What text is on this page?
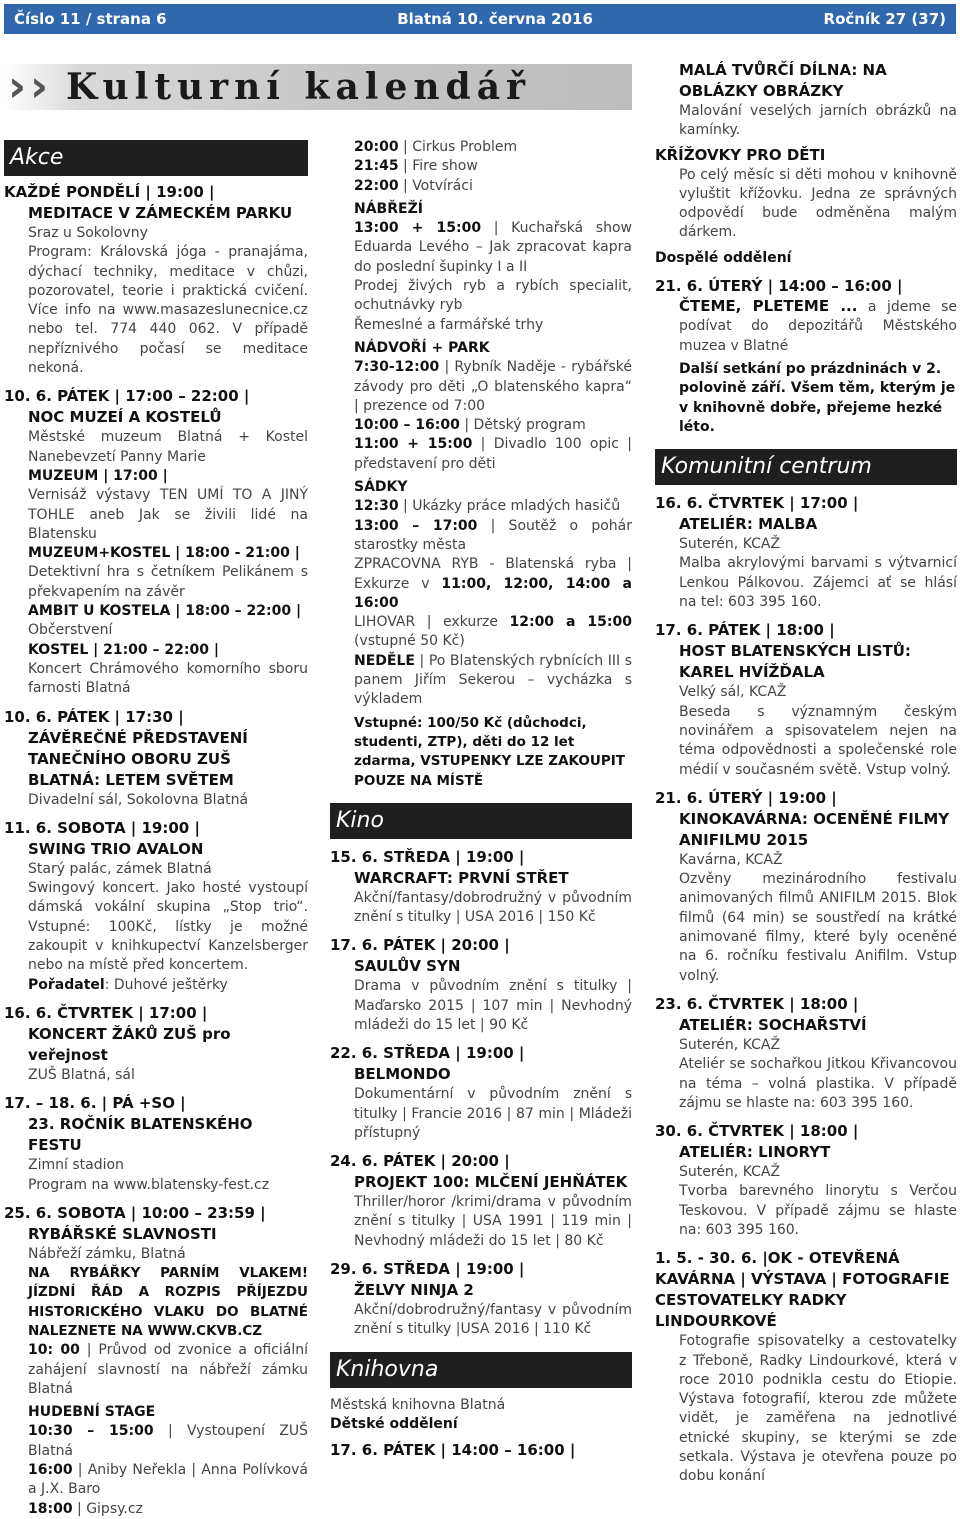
Číslo 11 / strana 6	Blatná 10. června 2016	Ročník 27 (37)
› › Kulturní kalendář
Akce
KAŽDÉ PONDĚLÍ | 19:00 |
MEDITACE V ZÁMECKÉM PARKU

Sraz u Sokolovny

Program: Královská jóga - pranajáma, dýchací techniky, meditace v chůzi, pozorovatel, teorie i praktická cvičení. Více info na www.masazeslunecnice.cz nebo tel. 774 440 062. V případě nepříznivého počasí se meditace nekoná.

10. 6. PÁTEK | 17:00 – 22:00 |
NOC MUZEÍ A KOSTELŮ

Městské muzeum Blatná + Kostel Nanebevzetí Panny Marie

MUZEUM | 17:00 |

Vernisáž výstavy TEN UMÍ TO A JINÝ TOHLE aneb Jak se živili lidé na Blatensku

MUZEUM+KOSTEL | 18:00 - 21:00 |

Detektivní hra s četníkem Pelikánem s překvapením na závěr

AMBIT U KOSTELA | 18:00 – 22:00 |

Občerstvení

KOSTEL | 21:00 – 22:00 |

Koncert Chrámového komorního sboru farnosti Blatná

10. 6. PÁTEK | 17:30 |
ZÁVĚREČNÉ PŘEDSTAVENÍ TANEČNÍHO OBORU ZUŠ BLATNÁ: LETEM SVĚTEM

Divadelní sál, Sokolovna Blatná

11. 6. SOBOTA | 19:00 |
SWING TRIO AVALON

Starý palác, zámek Blatná

Swingový koncert. Jako hosté vystoupí dámská vokální skupina „Stop trio“. Vstupné: 100Kč, lístky je možné zakoupit v knihkupectví Kanzelsberger nebo na místě před koncertem.

Pořadatel: Duhové ještěrky

16. 6. ČTVRTEK | 17:00 |
KONCERT ŽÁKŮ ZUŠ pro veřejnost

ZUŠ Blatná, sál

17. – 18. 6. | PÁ +SO |
23. ROČNÍK BLATENSKÉHO FESTU

Zimní stadion

Program na www.blatensky-fest.cz

25. 6. SOBOTA | 10:00 – 23:59 |
RYBÁŘSKÉ SLAVNOSTI

Nábřeží zámku, Blatná

NA RYBÁŘKY PARNÍM VLAKEM! JÍZDNÍ ŘÁD A ROZPIS PŘÍJEZDU HISTORICKÉHO VLAKU DO BLATNÉ NALEZNETE NA WWW.CKVB.CZ

10: 00 | Průvod od zvonice a oficiální zahájení slavností na nábřeží zámku Blatná

HUDEBNÍ STAGE

10:30 – 15:00 | Vystoupení ZUŠ Blatná

16:00 | Aniby Neřekla | Anna Polívková a J.X. Baro

18:00 | Gipsy.cz

20:00 | Cirkus Problem

21:45 | Fire show

22:00 | Votvíráci

NÁBŘEŽÍ

13:00 + 15:00 | Kuchařská show Eduarda Levého – Jak zpracovat kapra do poslední šupinky I a II

Prodej živých ryb a rybích specialit, ochutnávky ryb

Řemeslné a farmářské trhy

NÁDVOŘÍ + PARK

7:30-12:00 | Rybník Naděje - rybářské závody pro děti „O blatenského kapra“ | prezence od 7:00

10:00 – 16:00 | Dětský program

11:00 + 15:00 | Divadlo 100 opic | představení pro děti

SÁDKY

12:30 | Ukázky práce mladých hasičů

13:00 – 17:00 | Soutěž o pohár starostky města

ZPRACOVNA RYB - Blatenská ryba | Exkurze v 11:00, 12:00, 14:00 a 16:00

LIHOVAR | exkurze 12:00 a 15:00 (vstupné 50 Kč)

NEDĚLE | Po Blatenských rybnících III s panem Jiřím Sekerou – vycházka s výkladem

Vstupné: 100/50 Kč (důchodci, studenti, ZTP), děti do 12 let zdarma, VSTUPENKY LZE ZAKOUPIT POUZE NA MÍSTĚ

Kino
15. 6. STŘEDA | 19:00 |
WARCRAFT: PRVNÍ STŘET

Akční/fantasy/dobrodružný v původním znění s titulky | USA 2016 | 150 Kč

17. 6. PÁTEK | 20:00 |
SAULŮV SYN

Drama v původním znění s titulky | Maďarsko 2015 | 107 min | Nevhodný mládeži do 15 let | 90 Kč

22. 6. STŘEDA | 19:00 |
BELMONDO

Dokumentární v původním znění s titulky | Francie 2016 | 87 min | Mládeži přístupný

24. 6. PÁTEK | 20:00 |
PROJEKT 100: MLČENÍ JEHŇÁTEK

Thriller/horor /krimi/drama v původním znění s titulky | USA 1991 | 119 min | Nevhodný mládeži do 15 let | 80 Kč

29. 6. STŘEDA | 19:00 |
ŽELVY NINJA 2

Akční/dobrodružný/fantasy v původním znění s titulky |USA 2016 | 110 Kč

Knihovna

Městská knihovna Blatná

Dětské oddělení

17. 6. PÁTEK | 14:00 – 16:00 |
MALÁ TVŮRČÍ DÍLNA: NA OBLÁZKY OBRÁZKY

Malování veselých jarních obrázků na kamínky.

KŘÍŽOVKY PRO DĚTI

Po celý měsíc si děti mohou v knihovně vyluštit křížovku. Jedna ze správných odpovědí bude odměněna malým dárkem.

Dospělé oddělení

21. 6. ÚTERÝ | 14:00 – 16:00 |

ČTEME, PLETEME ... a jdeme se podívat do depozitářů Městského muzea v Blatné

Další setkání po prázdninách v 2. polovině září. Všem těm, kterým je v knihovně dobře, přejeme hezké léto.

Komunitní centrum
16. 6. ČTVRTEK | 17:00 |
ATELIÉR: MALBA

Suterén, KCAŽ

Malba akrylovými barvami s výtvarnicí Lenkou Pálkovou. Zájemci ať se hlásí na tel: 603 395 160.

17. 6. PÁTEK | 18:00 |
HOST BLATENSKÝCH LISTŮ: KAREL HVÍŽĎALA

Velký sál, KCAŽ

Beseda s významným českým novinářem a spisovatelem nejen na téma odpovědnosti a společenské role médií v současném světě. Vstup volný.

21. 6. ÚTERÝ | 19:00 |
KINOKAVÁRNA: OCENĚNÉ FILMY ANIFILMU 2015

Kavárna, KCAŽ

Ozvěny mezinárodního festivalu animovaných filmů ANIFILM 2015. Blok filmů (64 min) se soustředí na krátké animované filmy, které byly oceněné na 6. ročníku festivalu Anifilm. Vstup volný.

23. 6. ČTVRTEK | 18:00 |
ATELIÉR: SOCHAŘSTVÍ

Suterén, KCAŽ

Ateliér se sochařkou Jitkou Křivancovou na téma – volná plastika. V případě zájmu se hlaste na: 603 395 160.

30. 6. ČTVRTEK | 18:00 |
ATELIÉR: LINORYT

Suterén, KCAŽ

Tvorba barevného linorytu s Verčou Teskovou. V případě zájmu se hlaste na: 603 395 160.

1. 5. - 30. 6. |OK - OTEVŘENÁ KAVÁRNA | VÝSTAVA | FOTOGRAFIE CESTOVATELKY RADKY LINDOURKOVÉ

Fotografie spisovatelky a cestovatelky z Třeboně, Radky Lindourkové, která v roce 2010 podnikla cestu do Etiopie. Výstava fotografií, kterou zde můžete vidět, je zaměřena na jednotlivé etnické skupiny, se kterými se zde setkala. Výstava je otevřena pouze po dobu konání
